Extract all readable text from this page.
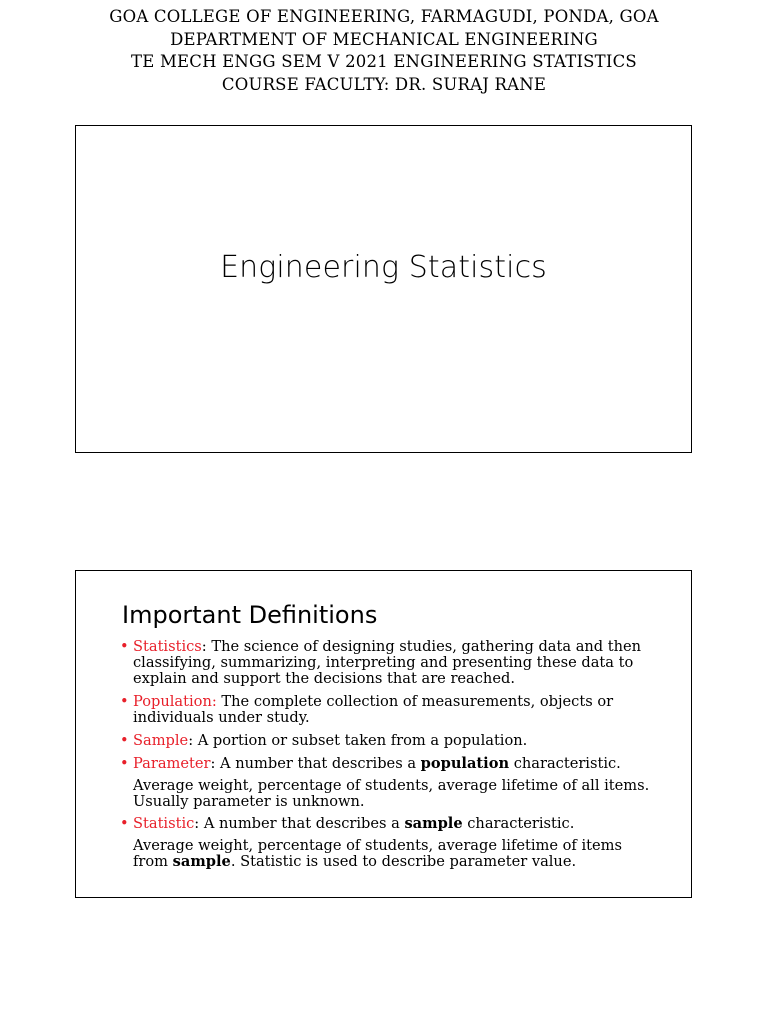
GOA COLLEGE OF ENGINEERING, FARMAGUDI, PONDA, GOA
DEPARTMENT OF MECHANICAL ENGINEERING
TE MECH ENGG SEM V 2021 ENGINEERING STATISTICS
COURSE FACULTY: DR. SURAJ RANE
Engineering Statistics
Important Definitions
• Statistics: The science of designing studies, gathering data and then classifying, summarizing, interpreting and presenting these data to explain and support the decisions that are reached.
• Population: The complete collection of measurements, objects or individuals under study.
• Sample: A portion or subset taken from a population.
• Parameter: A number that describes a population characteristic.
Average weight, percentage of students, average lifetime of all items. Usually parameter is unknown.
• Statistic: A number that describes a sample characteristic.
Average weight, percentage of students, average lifetime of items from sample. Statistic is used to describe parameter value.
